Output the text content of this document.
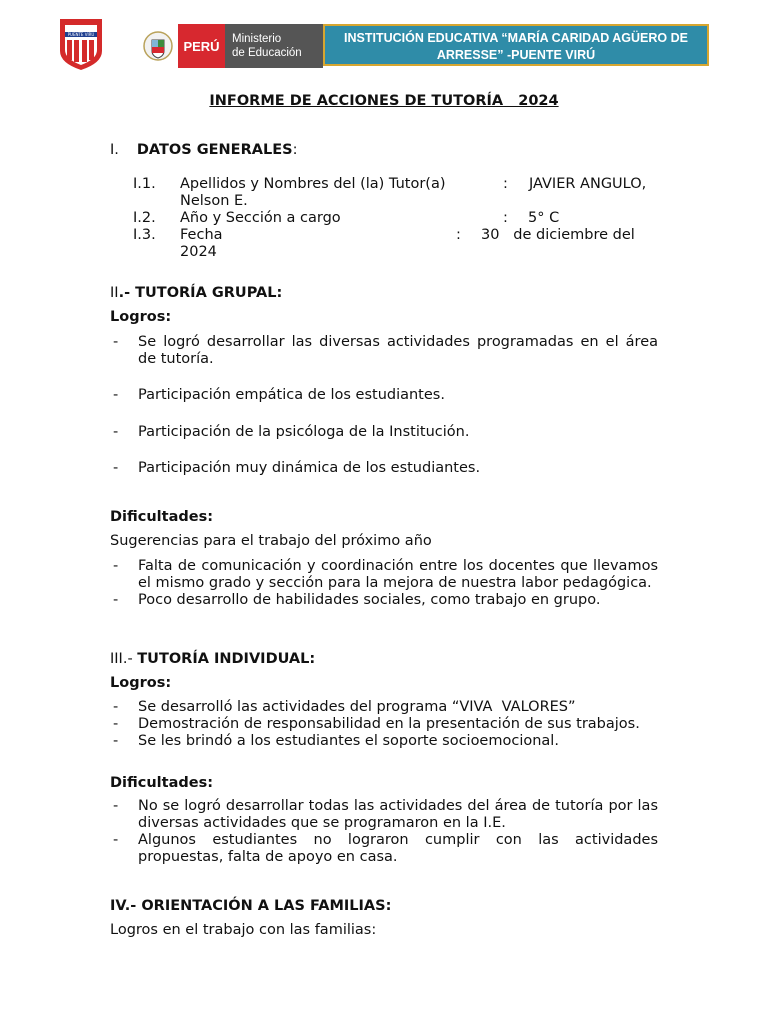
PUENTE VIRÚ
PERÚ Ministerio
de Educación
INSTITUCIÓN EDUCATIVA “MARÍA CARIDAD AGÜERO DE
ARRESSE” -PUENTE VIRÚ
INFORME DE ACCIONES DE TUTORÍA   2024
I. DATOS GENERALES:
I.1. Apellidos y Nombres del (la) Tutor(a)	: JAVIER ANGULO,
Nelson E.
I.2. Año y Sección a cargo	: 5° C
I.3. Fecha	: 30   de diciembre del
2024
II.- TUTORÍA GRUPAL:
Logros:
- Se logró desarrollar las diversas actividades programadas en el área de tutoría.
- Participación empática de los estudiantes.
- Participación de la psicóloga de la Institución.
- Participación muy dinámica de los estudiantes.
Dificultades:
Sugerencias para el trabajo del próximo año
- Falta de comunicación y coordinación entre los docentes que llevamos el mismo grado y sección para la mejora de nuestra labor pedagógica.
- Poco desarrollo de habilidades sociales, como trabajo en grupo.
III.- TUTORÍA INDIVIDUAL:
Logros:
- Se desarrolló las actividades del programa “VIVA  VALORES”
- Demostración de responsabilidad en la presentación de sus trabajos.
- Se les brindó a los estudiantes el soporte socioemocional.
Dificultades:
- No se logró desarrollar todas las actividades del área de tutoría por las diversas actividades que se programaron en la I.E.
- Algunos estudiantes no lograron cumplir con las actividades propuestas, falta de apoyo en casa.
IV.- ORIENTACIÓN A LAS FAMILIAS:
Logros en el trabajo con las familias:
